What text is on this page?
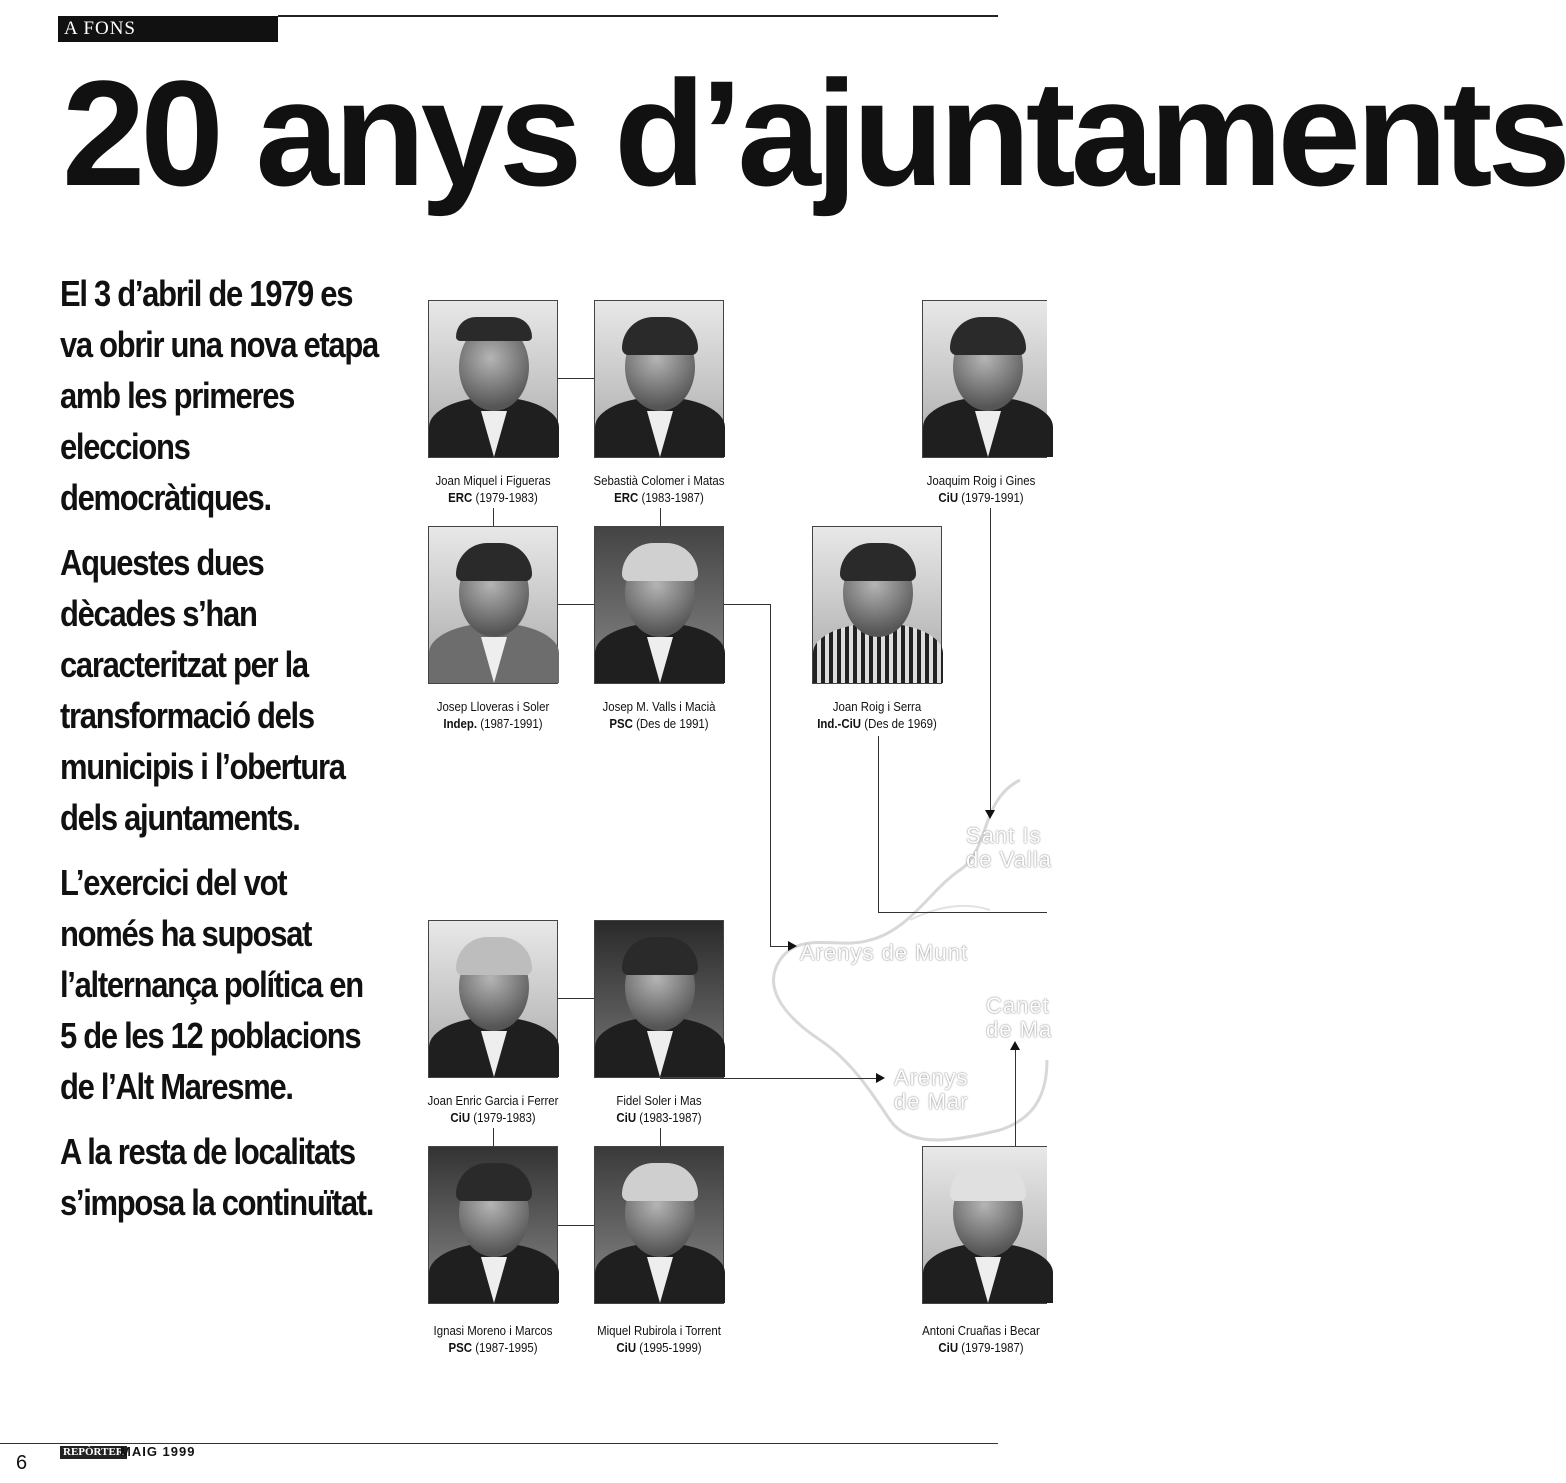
A FONS
20 anys d’ajuntaments

El 3 d’abril de 1979 es va obrir una nova etapa amb les primeres eleccions democràtiques.

Aquestes dues dècades s’han caracteritzat per la transformació dels municipis i l’obertura dels ajuntaments.

L’exercici del vot només ha suposat l’alternança política en 5 de les 12 poblacions de l’Alt Maresme.

A la resta de localitats s’imposa la continuïtat.

Sant Is
de Valla
Arenys de Munt
Canet
de Ma
Arenys
de Mar
Joan Miquel i Figueras
ERC (1979-1983)
Sebastià Colomer i Matas
ERC (1983-1987)
Joaquim Roig i Gines
CiU (1979-1991)
Josep Lloveras i Soler
Indep. (1987-1991)
Josep M. Valls i Macià
PSC (Des de 1991)
Joan Roig i Serra
Ind.-CiU (Des de 1969)
Joan Enric Garcia i Ferrer
CiU (1979-1983)
Fidel Soler i Mas
CiU (1983-1987)
Ignasi Moreno i Marcos
PSC (1987-1995)
Miquel Rubirola i Torrent
CiU (1995-1999)
Antoni Cruañas i Becar
CiU (1979-1987)
REPÒRTER
MAIG 1999
6
